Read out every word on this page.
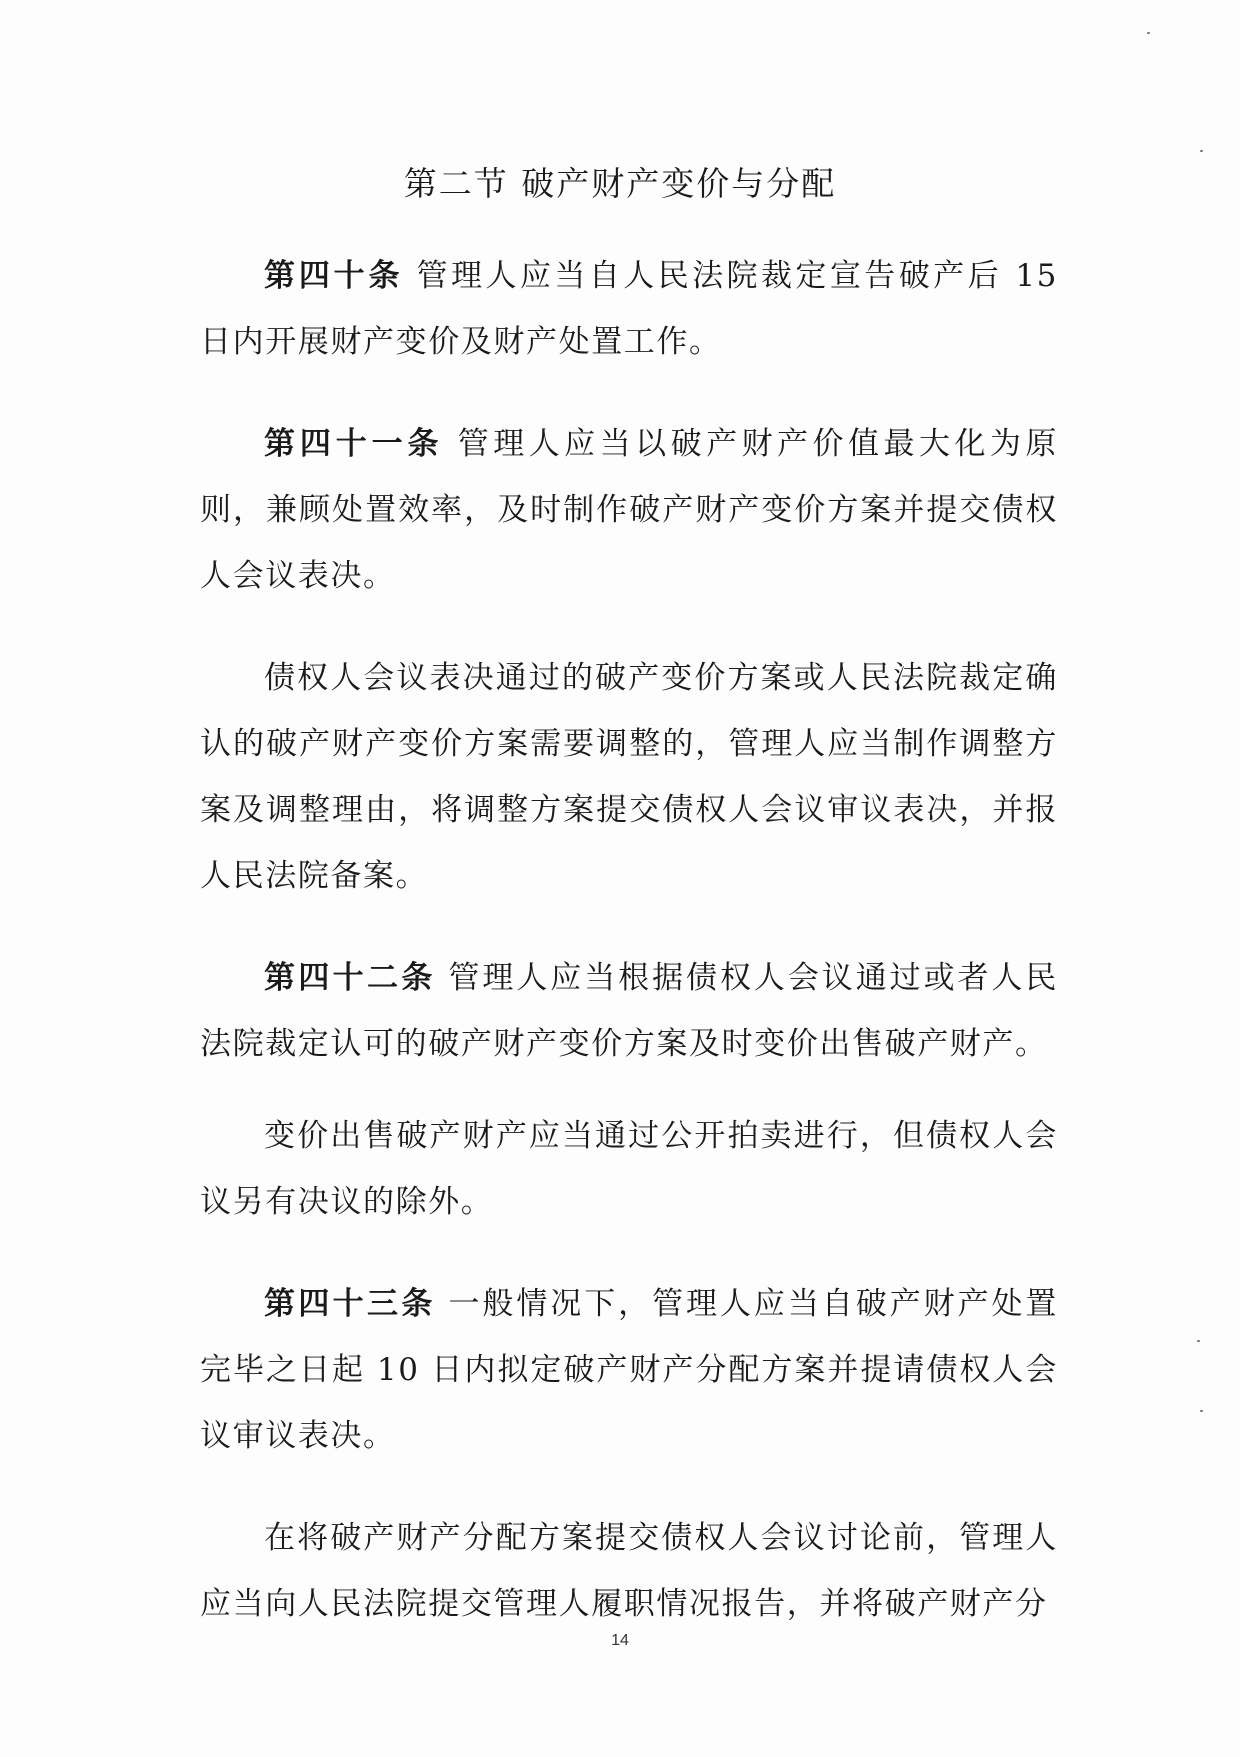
第二节 破产财产变价与分配

第四十条 管理人应当自人民法院裁定宣告破产后 15 日内开展财产变价及财产处置工作。

第四十一条 管理人应当以破产财产价值最大化为原则，兼顾处置效率，及时制作破产财产变价方案并提交债权人会议表决。

债权人会议表决通过的破产变价方案或人民法院裁定确认的破产财产变价方案需要调整的，管理人应当制作调整方案及调整理由，将调整方案提交债权人会议审议表决，并报人民法院备案。

第四十二条 管理人应当根据债权人会议通过或者人民法院裁定认可的破产财产变价方案及时变价出售破产财产。

变价出售破产财产应当通过公开拍卖进行，但债权人会议另有决议的除外。

第四十三条 一般情况下，管理人应当自破产财产处置完毕之日起 10 日内拟定破产财产分配方案并提请债权人会议审议表决。

在将破产财产分配方案提交债权人会议讨论前，管理人应当向人民法院提交管理人履职情况报告，并将破产财产分

14
